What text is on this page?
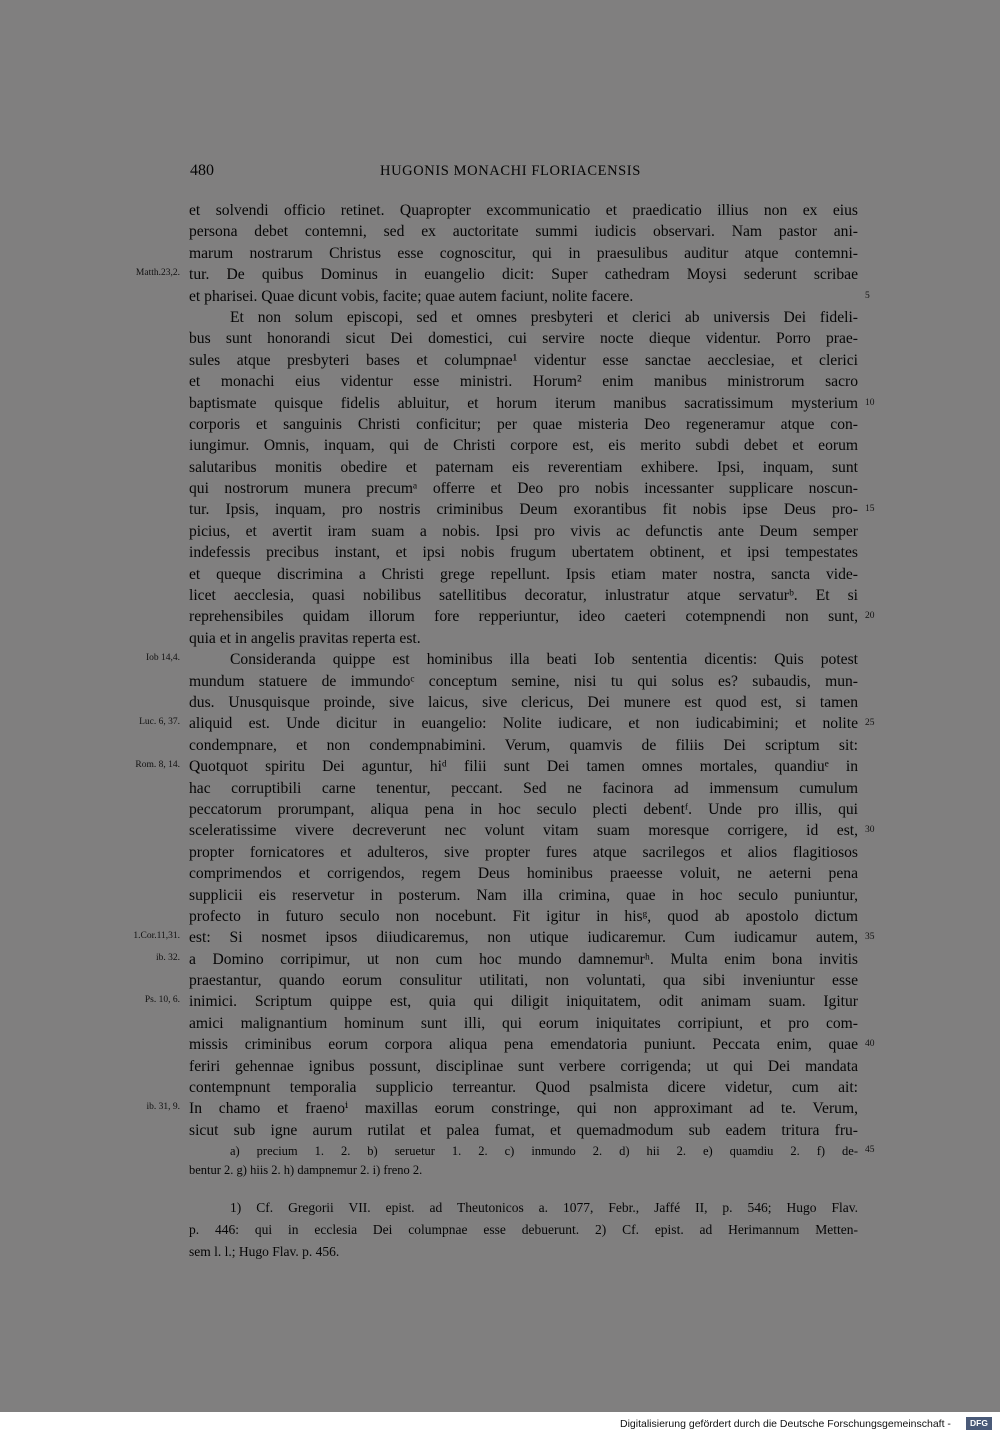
480	HUGONIS MONACHI FLORIACENSIS
et solvendi officio retinet. Quapropter excommunicatio et praedicatio illius non ex eius
persona debet contemni, sed ex auctoritate summi iudicis observari. Nam pastor ani-
marum nostrarum Christus esse cognoscitur, qui in praesulibus auditur atque contemni-
Matth.23,2. tur. De quibus Dominus in euangelio dicit: Super cathedram Moysi sederunt scribae
et pharisei. Quae dicunt vobis, facite; quae autem faciunt, nolite facere.	5
Et non solum episcopi, sed et omnes presbyteri et clerici ab universis Dei fideli-
bus sunt honorandi sicut Dei domestici, cui servire nocte dieque videntur. Porro prae-
sules atque presbyteri bases et columpnae¹ videntur esse sanctae aecclesiae, et clerici
et monachi eius videntur esse ministri. Horum² enim manibus ministrorum sacro
baptismate quisque fidelis abluitur, et horum iterum manibus sacratissimum mysterium 10
corporis et sanguinis Christi conficitur; per quae misteria Deo regeneramur atque con-
iungimur. Omnis, inquam, qui de Christi corpore est, eis merito subdi debet et eorum
salutaribus monitis obedire et paternam eis reverentiam exhibere. Ipsi, inquam, sunt
qui nostrorum munera precumᵃ offerre et Deo pro nobis incessanter supplicare noscun-
tur. Ipsis, inquam, pro nostris criminibus Deum exorantibus fit nobis ipse Deus pro- 15
picius, et avertit iram suam a nobis. Ipsi pro vivis ac defunctis ante Deum semper
indefessis precibus instant, et ipsi nobis frugum ubertatem obtinent, et ipsi tempestates
et queque discrimina a Christi grege repellunt. Ipsis etiam mater nostra, sancta vide-
licet aecclesia, quasi nobilibus satellitibus decoratur, inlustratur atque servaturᵇ. Et si
reprehensibiles quidam illorum fore repperiuntur, ideo caeteri cotempnendi non sunt, 20
quia et in angelis pravitas reperta est.
Iob 14,4.	Consideranda quippe est hominibus illa beati Iob sententia dicentis: Quis potest
mundum statuere de immundoᶜ conceptum semine, nisi tu qui solus es? subaudis, mun-
dus. Unusquisque proinde, sive laicus, sive clericus, Dei munere est quod est, si tamen
Luc. 6, 37. aliquid est. Unde dicitur in euangelio: Nolite iudicare, et non iudicabimini; et nolite 25
condempnare, et non condempnabimini. Verum, quamvis de filiis Dei scriptum sit:
Rom. 8, 14. Quotquot spiritu Dei aguntur, hiᵈ filii sunt Dei tamen omnes mortales, quandiuᵉ in
hac corruptibili carne tenentur, peccant. Sed ne facinora ad immensum cumulum
peccatorum prorumpant, aliqua pena in hoc seculo plecti debentᶠ. Unde pro illis, qui
sceleratissime vivere decreverunt nec volunt vitam suam moresque corrigere, id est, 30
propter fornicatores et adulteros, sive propter fures atque sacrilegos et alios flagitiosos
comprimendos et corrigendos, regem Deus hominibus praeesse voluit, ne aeterni pena
supplicii eis reservetur in posterum. Nam illa crimina, quae in hoc seculo puniuntur,
profecto in futuro seculo non nocebunt. Fit igitur in hisᵍ, quod ab apostolo dictum
1.Cor.11,31. est: Si nosmet ipsos diiudicaremus, non utique iudicaremur. Cum iudicamur autem, 35
ib. 32. a Domino corripimur, ut non cum hoc mundo damnemurʰ. Multa enim bona invitis
praestantur, quando eorum consulitur utilitati, non voluntati, qua sibi inveniuntur esse
Ps. 10, 6. inimici. Scriptum quippe est, quia qui diligit iniquitatem, odit animam suam. Igitur
amici malignantium hominum sunt illi, qui eorum iniquitates corripiunt, et pro com-
missis criminibus eorum corpora aliqua pena emendatoria puniunt. Peccata enim, quae 40
feriri gehennae ignibus possunt, disciplinae sunt verbere corrigenda; ut qui Dei mandata
contempnunt temporalia supplicio terreantur. Quod psalmista dicere videtur, cum ait:
ib. 31, 9. In chamo et fraenoⁱ maxillas eorum constringe, qui non approximant ad te. Verum,
sicut sub igne aurum rutilat et palea fumat, et quemadmodum sub eadem tritura fru-
a) precium 1. 2. b) seruetur 1. 2. c) inmundo 2. d) hii 2. e) quamdiu 2. f) de- 45
bentur 2. g) hiis 2. h) dampnemur 2. i) freno 2.
1) Cf. Gregorii VII. epist. ad Theutonicos a. 1077, Febr., Jaffé II, p. 546; Hugo Flav.
p. 446: qui in ecclesia Dei columpnae esse debuerunt. 2) Cf. epist. ad Herimannum Metten-
sem l. l.; Hugo Flav. p. 456.
Digitalisierung gefördert durch die Deutsche Forschungsgemeinschaft -	DFG
